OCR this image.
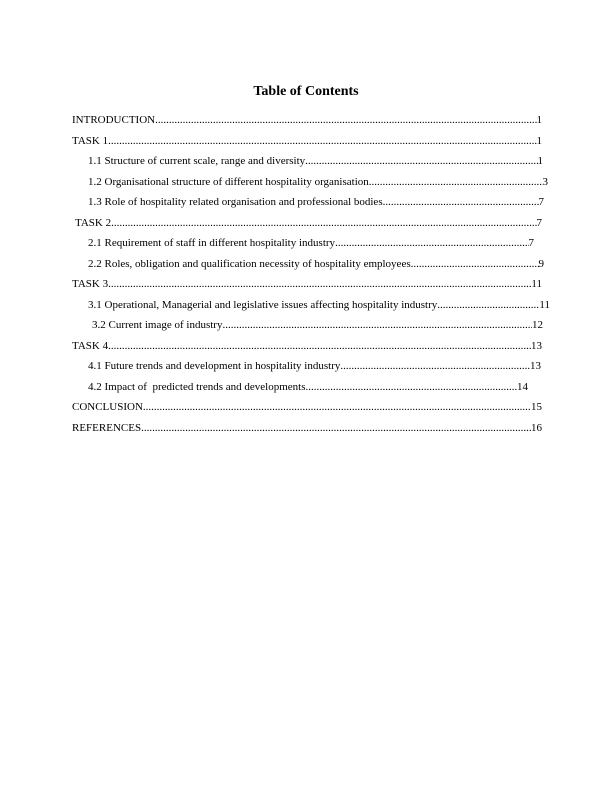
Table of Contents
INTRODUCTION .....	1
TASK 1 .....	1
1.1 Structure of current scale, range and diversity .....	1
1.2 Organisational structure of different hospitality organisation .....	3
1.3 Role of hospitality related organisation and professional bodies .....	7
TASK 2 .....	7
2.1 Requirement of staff in different hospitality industry .....	7
2.2 Roles, obligation and qualification necessity of hospitality employees .....	9
TASK 3 .....	11
3.1 Operational, Managerial and legislative issues affecting hospitality industry .....	11
3.2 Current image of industry .....	12
TASK 4 .....	13
4.1 Future trends and development in hospitality industry .....	13
4.2 Impact of  predicted trends and developments .....	14
CONCLUSION .....	15
REFERENCES .....	16
